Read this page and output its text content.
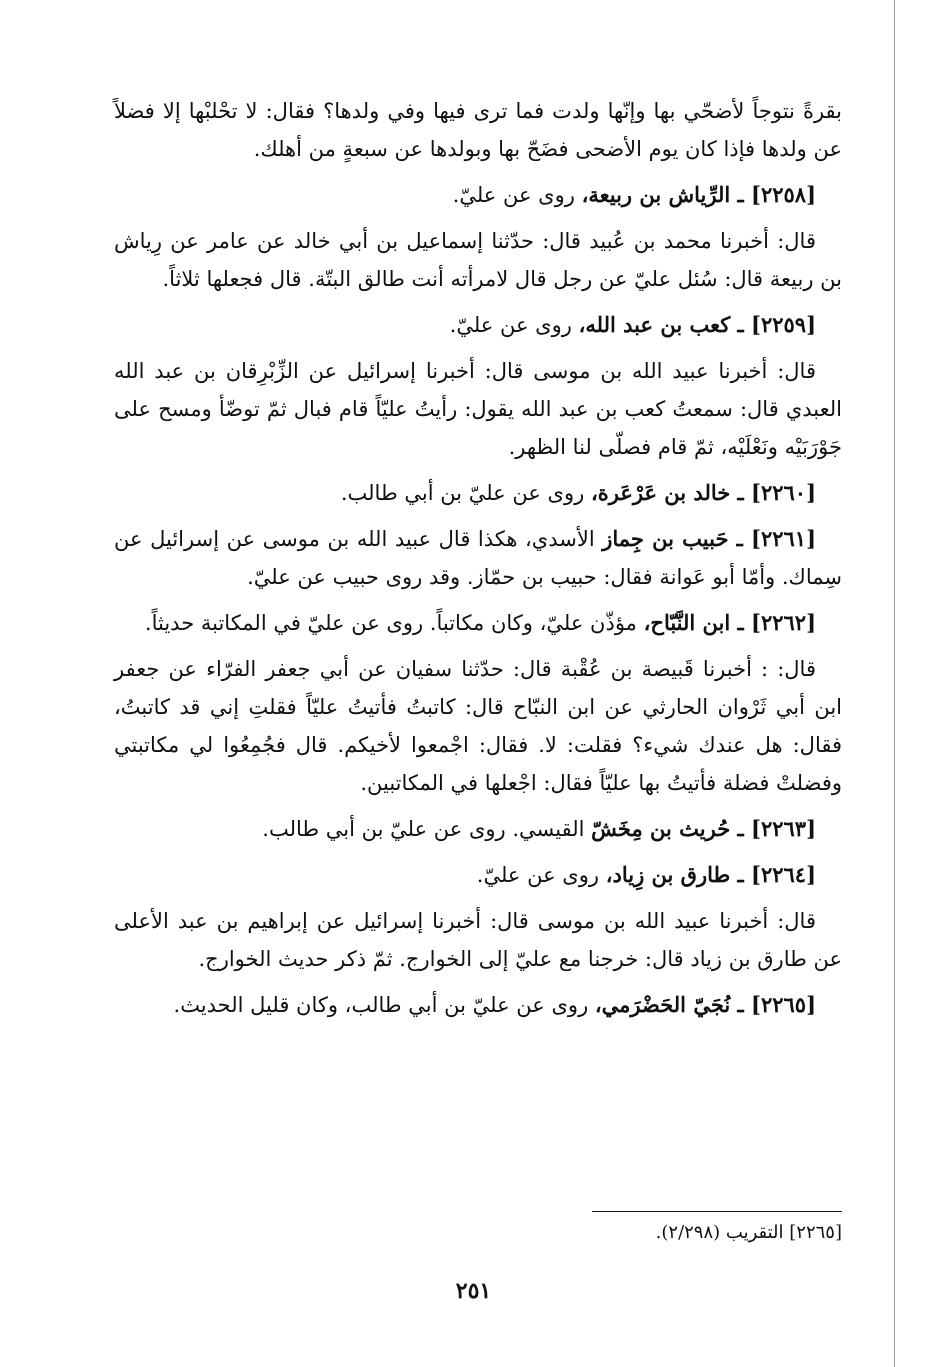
بقرةً نتوجاً لأضحّي بها وإنّها ولدت فما ترى فيها وفي ولدها؟ فقال: لا تحْلبْها إلا فضلاً عن ولدها فإذا كان يوم الأضحى فضَحّ بها وبولدها عن سبعةٍ من أهلك.

[٢٢٥٨] ـ الرِّياش بن ربيعة، روى عن عليّ.

قال: أخبرنا محمد بن عُبيد قال: حدّثنا إسماعيل بن أبي خالد عن عامر عن رِياش بن ربيعة قال: سُئل عليّ عن رجل قال لامرأته أنت طالق البتّة. قال فجعلها ثلاثاً.

[٢٢٥٩] ـ كعب بن عبد الله، روى عن عليّ.

قال: أخبرنا عبيد الله بن موسى قال: أخبرنا إسرائيل عن الزِّبْرِقان بن عبد الله العبدي قال: سمعتُ كعب بن عبد الله يقول: رأيتُ عليّاً قام فبال ثمّ توضّأ ومسح على جَوْرَبَيْه ونَعْلَيْه، ثمّ قام فصلّى لنا الظهر.

[٢٢٦٠] ـ خالد بن عَرْعَرة، روى عن عليّ بن أبي طالب.

[٢٢٦١] ـ حَبيب بن جِماز الأسدي، هكذا قال عبيد الله بن موسى عن إسرائيل عن سِماك. وأمّا أبو عَوانة فقال: حبيب بن حمّاز. وقد روى حبيب عن عليّ.

[٢٢٦٢] ـ ابن النَّبّاح، مؤذّن عليّ، وكان مكاتباً. روى عن عليّ في المكاتبة حديثاً.

قال: : أخبرنا قَبيصة بن عُقْبة قال: حدّثنا سفيان عن أبي جعفر الفرّاء عن جعفر ابن أبي ثَرْوان الحارثي عن ابن النبّاح قال: كاتبتُ فأتيتُ عليّاً فقلتِ إني قد كاتبتُ، فقال: هل عندك شيء؟ فقلت: لا. فقال: اجْمعوا لأخيكم. قال فجُمِعُوا لي مكاتبتي وفضلتْ فضلة فأتيتُ بها عليّاً فقال: اجْعلها في المكاتبين.

[٢٢٦٣] ـ حُريث بن مِخَشّ القيسي. روى عن عليّ بن أبي طالب.

[٢٢٦٤] ـ طارق بن زِياد، روى عن عليّ.

قال: أخبرنا عبيد الله بن موسى قال: أخبرنا إسرائيل عن إبراهيم بن عبد الأعلى عن طارق بن زياد قال: خرجنا مع عليّ إلى الخوارج. ثمّ ذكر حديث الخوارج.

[٢٢٦٥] ـ نُجَيّ الحَضْرَمي، روى عن عليّ بن أبي طالب، وكان قليل الحديث.

[٢٢٦٥] التقريب (٢/٢٩٨).
٢٥١
